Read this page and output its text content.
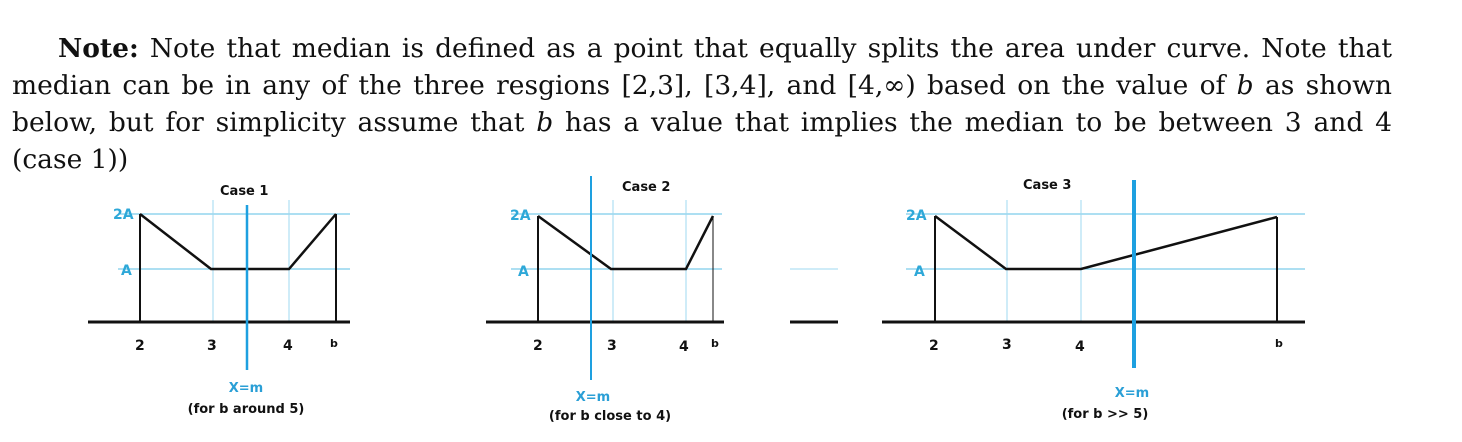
Note: Note that median is defined as a point that equally splits the area under curve. Note that median can be in any of the three resgions [2,3], [3,4], and [4,∞) based on the value of b as shown below, but for simplicity assume that b has a value that implies the median to be between 3 and 4 (case 1))

Case 1
2A
A
2	3	4	b
X=m
(for b around 5)
Case 2
2A
A
2	3	4 b
X=m
(for b close to 4)
Case 3
2A
A
2	3	4	b
X=m
(for b >> 5)
